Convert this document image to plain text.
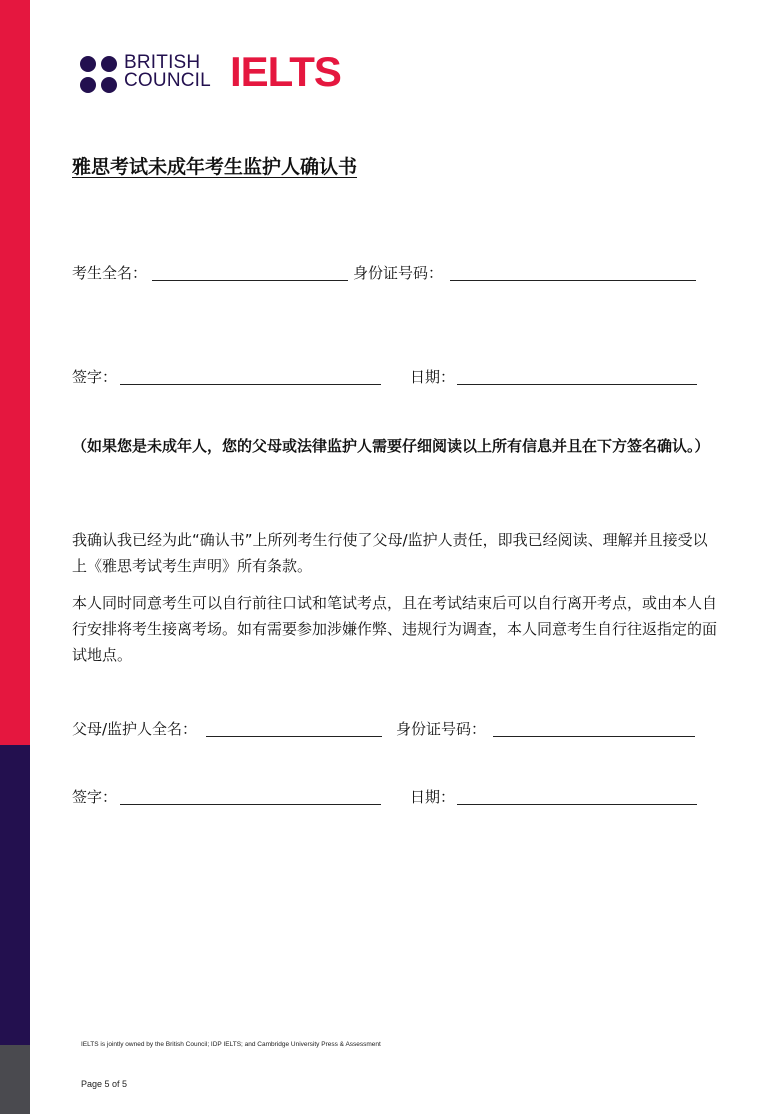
BRITISH
COUNCIL IELTS
雅思考试未成年考生监护人确认书
考生全名：	身份证号码：
签字：	日期：
（如果您是未成年人，您的父母或法律监护人需要仔细阅读以上所有信息并且在下方签名确认。）
我确认我已经为此“确认书”上所列考生行使了父母/监护人责任，即我已经阅读、理解并且接受以上《雅思考试考生声明》所有条款。
本人同时同意考生可以自行前往口试和笔试考点，且在考试结束后可以自行离开考点，或由本人自行安排将考生接离考场。如有需要参加涉嫌作弊、违规行为调查，本人同意考生自行往返指定的面试地点。
父母/监护人全名：	身份证号码：
签字：	日期：
IELTS is jointly owned by the British Council; IDP IELTS; and Cambridge University Press & Assessment
Page 5 of 5
